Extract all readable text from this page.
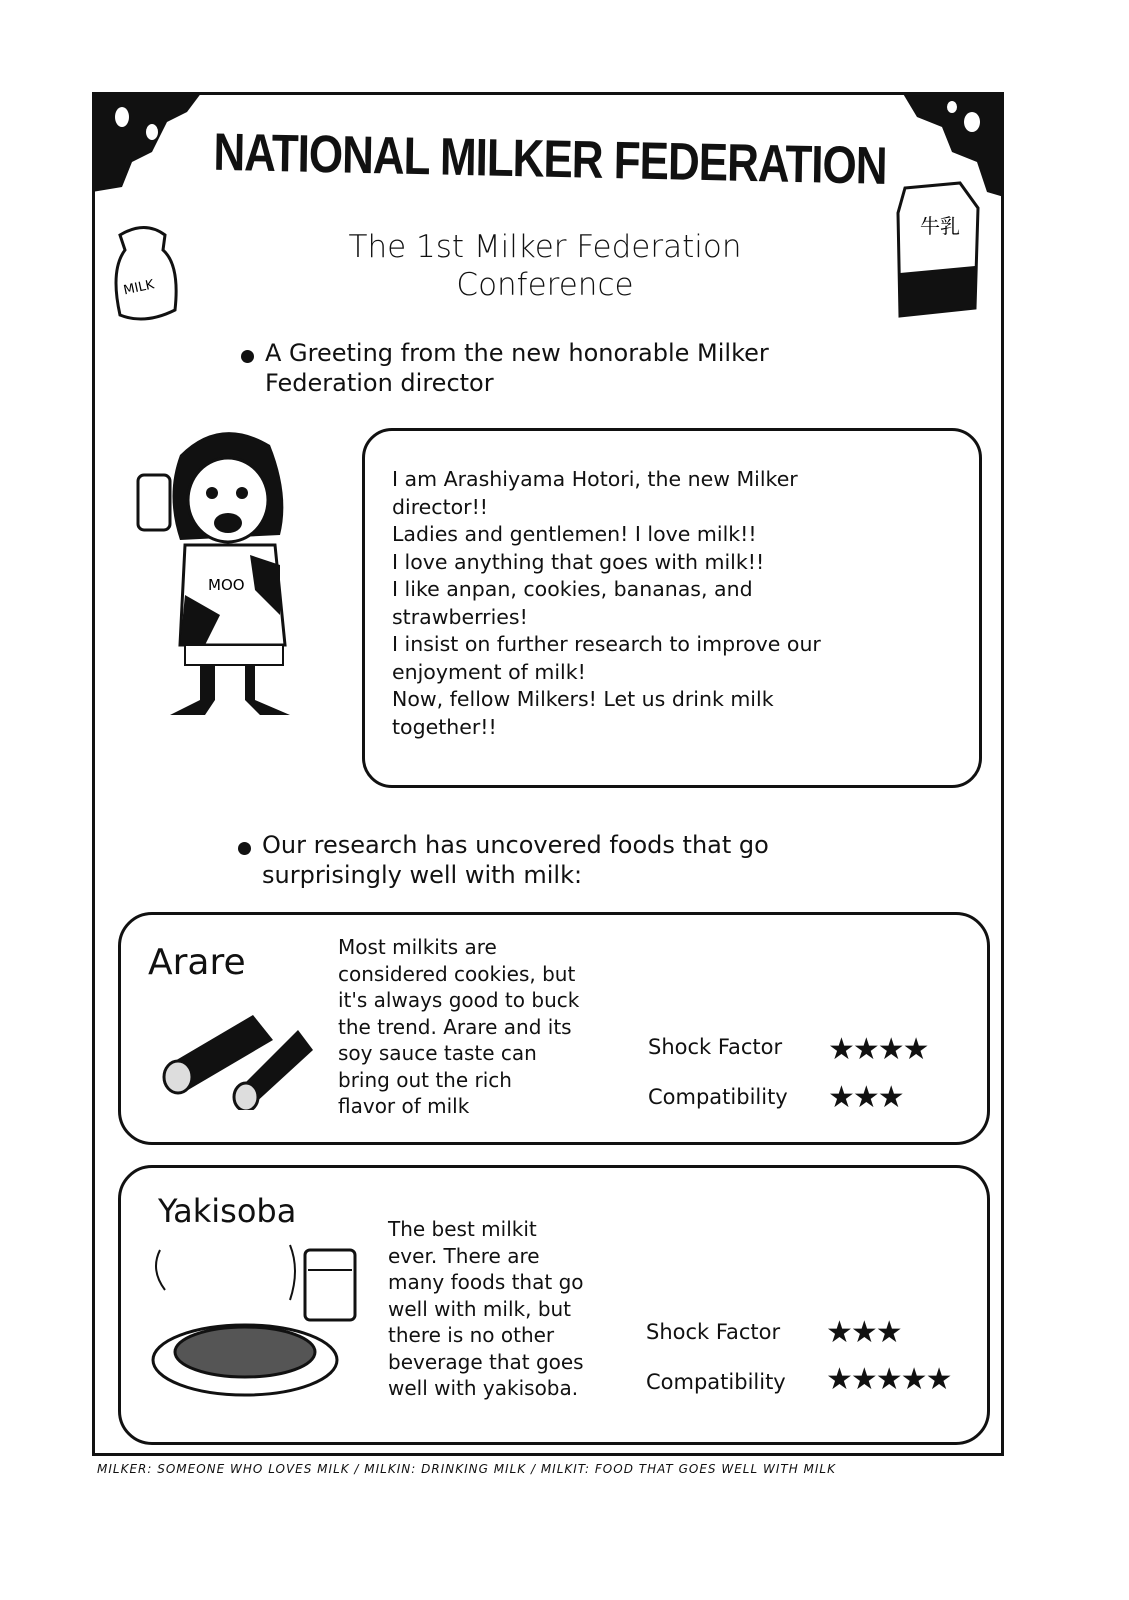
NATIONAL MILKER FEDERATION
The 1st Milker Federation
Conference
MILK
牛乳
A Greeting from the new honorable Milker Federation director
MOO
I am Arashiyama Hotori, the new Milker
director!!
Ladies and gentlemen! I love milk!!
I love anything that goes with milk!!
I like anpan, cookies, bananas, and
strawberries!
I insist on further research to improve our
enjoyment of milk!
Now, fellow Milkers! Let us drink milk
together!!
Our research has uncovered foods that go surprisingly well with milk:
Arare	Most milkits are
considered cookies, but
it's always good to buck
the trend. Arare and its
soy sauce taste can
bring out the rich
flavor of milk
Shock Factor ★★★★
Compatibility ★★★
Yakisoba	The best milkit
ever. There are
many foods that go
well with milk, but
there is no other
beverage that goes
well with yakisoba.
Shock Factor ★★★
Compatibility ★★★★★
MILKER: SOMEONE WHO LOVES MILK / MILKIN: DRINKING MILK / MILKIT: FOOD THAT GOES WELL WITH MILK
